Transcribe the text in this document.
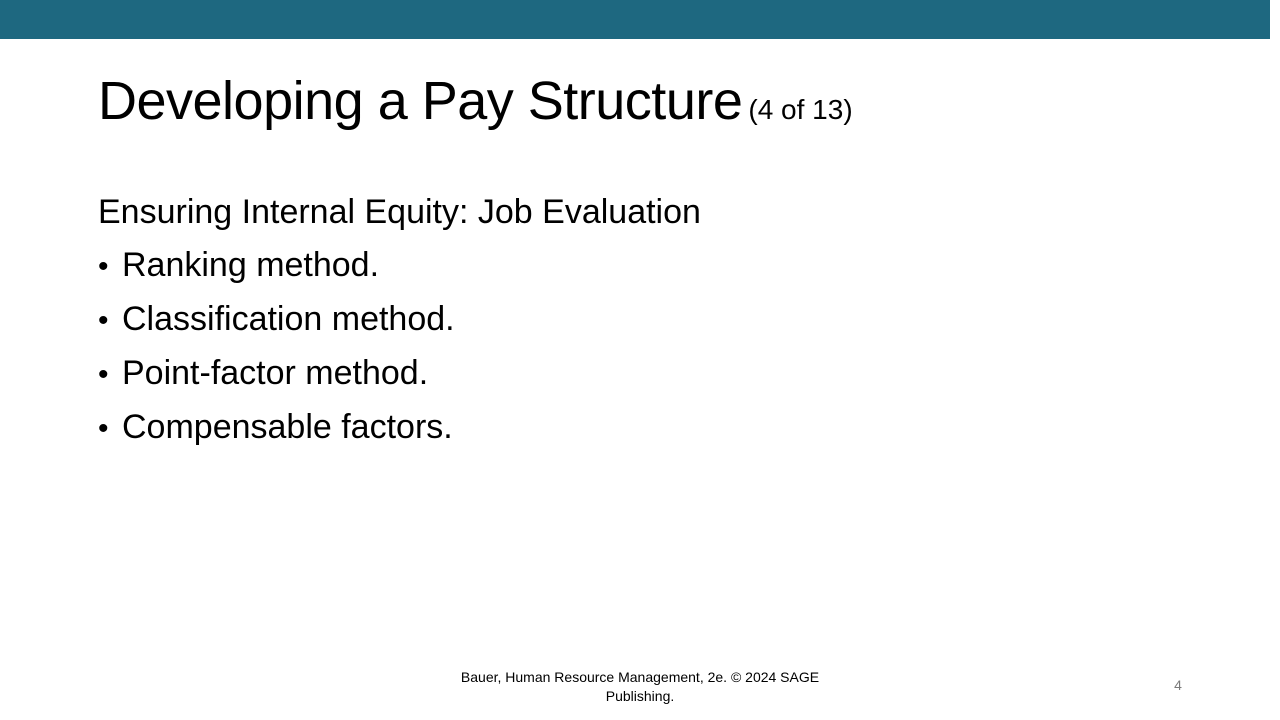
Developing a Pay Structure (4 of 13)
Ensuring Internal Equity: Job Evaluation
• Ranking method.
• Classification method.
• Point-factor method.
• Compensable factors.
Bauer, Human Resource Management, 2e. © 2024 SAGE
Publishing.
4
